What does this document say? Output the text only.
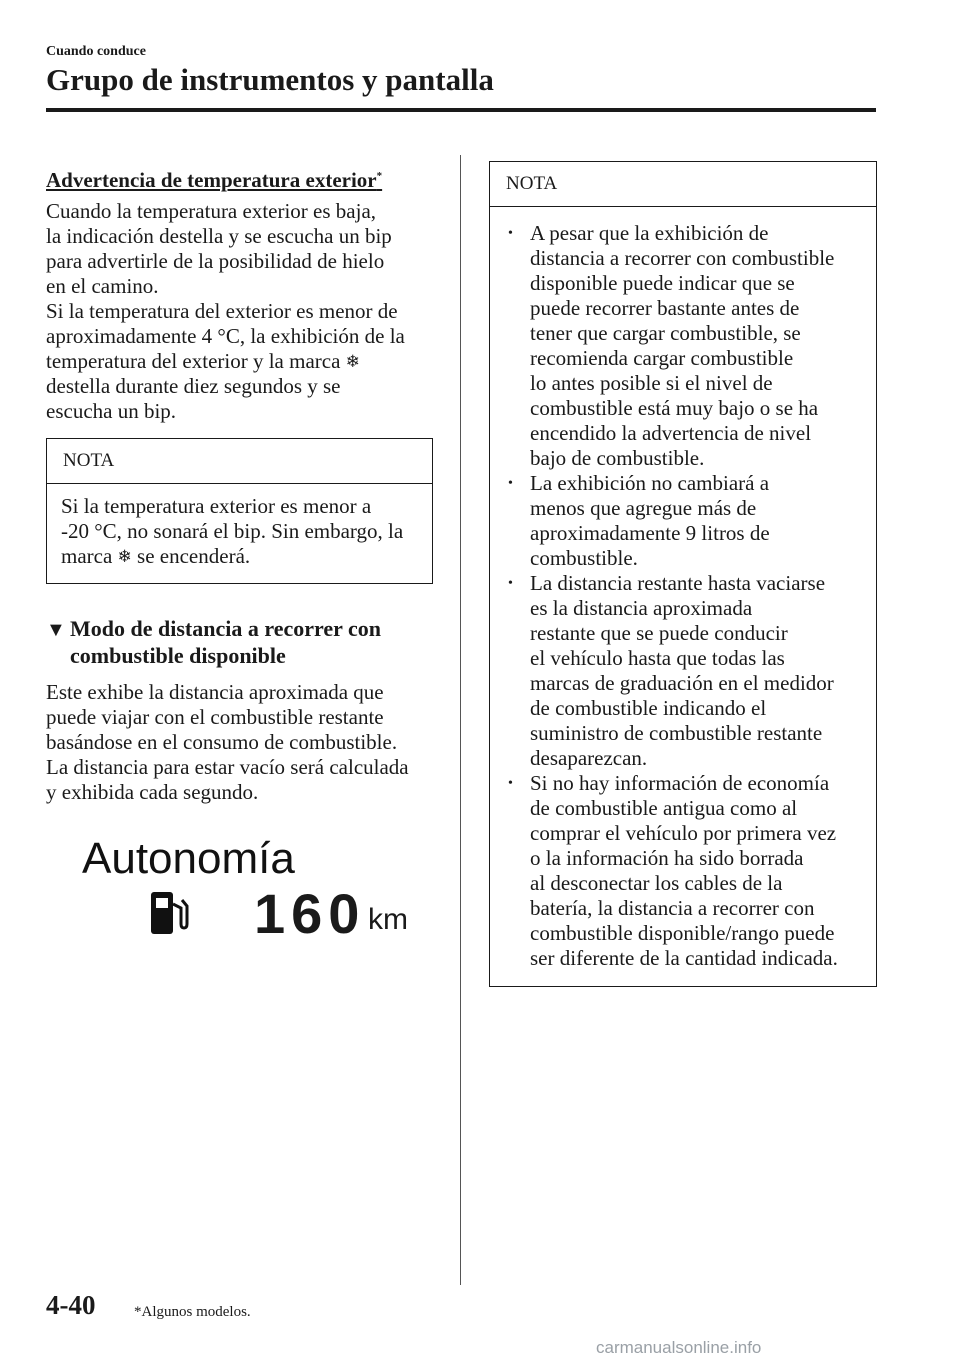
Cuando conduce
Grupo de instrumentos y pantalla
Advertencia de temperatura exterior*
Cuando la temperatura exterior es baja,
la indicación destella y se escucha un bip
para advertirle de la posibilidad de hielo
en el camino.
Si la temperatura del exterior es menor de
aproximadamente 4 °C, la exhibición de la
temperatura del exterior y la marca ❄
destella durante diez segundos y se
escucha un bip.
NOTA
Si la temperatura exterior es menor a
-20 °C, no sonará el bip. Sin embargo, la
marca ❄ se encenderá.
▼ Modo de distancia a recorrer con
combustible disponible
Este exhibe la distancia aproximada que
puede viajar con el combustible restante
basándose en el consumo de combustible.
La distancia para estar vacío será calculada
y exhibida cada segundo.
Autonomía
160 km
NOTA
• A pesar que la exhibición de
distancia a recorrer con combustible
disponible puede indicar que se
puede recorrer bastante antes de
tener que cargar combustible, se
recomienda cargar combustible
lo antes posible si el nivel de
combustible está muy bajo o se ha
encendido la advertencia de nivel
bajo de combustible.
• La exhibición no cambiará a
menos que agregue más de
aproximadamente 9 litros de
combustible.
• La distancia restante hasta vaciarse
es la distancia aproximada
restante que se puede conducir
el vehículo hasta que todas las
marcas de graduación en el medidor
de combustible indicando el
suministro de combustible restante
desaparezcan.
• Si no hay información de economía
de combustible antigua como al
comprar el vehículo por primera vez
o la información ha sido borrada
al desconectar los cables de la
batería, la distancia a recorrer con
combustible disponible/rango puede
ser diferente de la cantidad indicada.
4-40	*Algunos modelos.
carmanualsonline.info
